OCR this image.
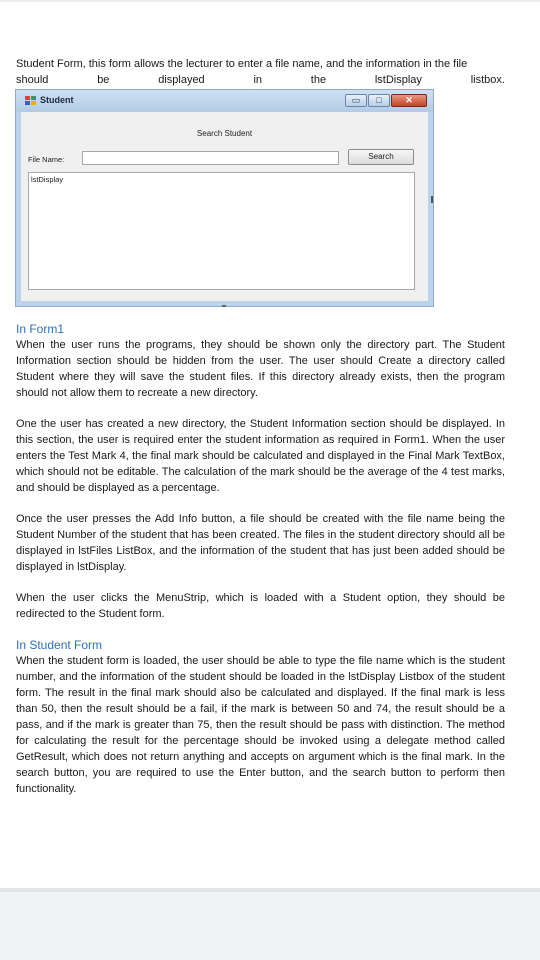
Student Form, this form allows the lecturer to enter a file name, and the information in the file
should	be	displayed	in	the	lstDisplay	listbox.
Student	▭	□	✕
Search Student
File Name:	Search
lstDisplay

In Form1

When the user runs the programs, they should be shown only the directory part. The Student Information section should be hidden from the user. The user should Create a directory called Student where they will save the student files. If this directory already exists, then the program should not allow them to recreate a new directory.

One the user has created a new directory, the Student Information section should be displayed. In this section, the user is required enter the student information as required in Form1. When the user enters the Test Mark 4, the final mark should be calculated and displayed in the Final Mark TextBox, which should not be editable. The calculation of the mark should be the average of the 4 test marks, and should be displayed as a percentage.

Once the user presses the Add Info button, a file should be created with the file name being the Student Number of the student that has been created. The files in the student directory should all be displayed in lstFiles ListBox, and the information of the student that has just been added should be displayed in lstDisplay.

When the user clicks the MenuStrip, which is loaded with a Student option, they should be redirected to the Student form.

In Student Form

When the student form is loaded, the user should be able to type the file name which is the student number, and the information of the student should be loaded in the lstDisplay Listbox of the student form. The result in the final mark should also be calculated and displayed. If the final mark is less than 50, then the result should be a fail, if the mark is between 50 and 74, the result should be a pass, and if the mark is greater than 75, then the result should be pass with distinction. The method for calculating the result for the percentage should be invoked using a delegate method called GetResult, which does not return anything and accepts on argument which is the final mark. In the search button, you are required to use the Enter button, and the search button to perform then functionality.
